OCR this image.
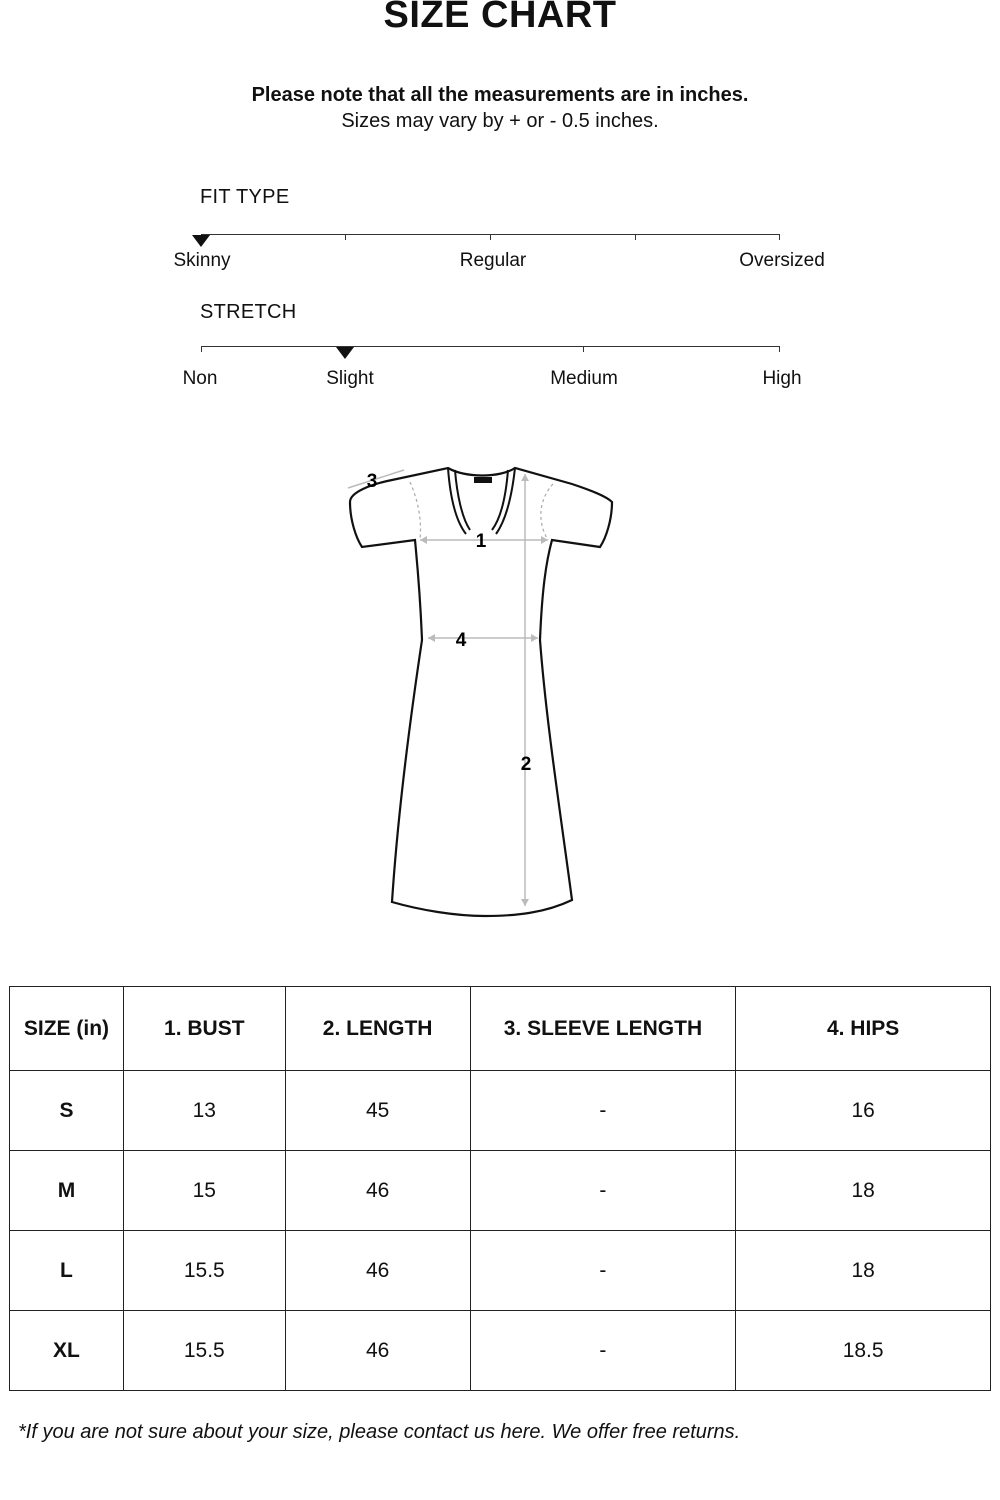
SIZE CHART
Please note that all the measurements are in inches.
Sizes may vary by + or - 0.5 inches.
FIT TYPE
Skinny	Regular	Oversized
STRETCH
Non	Slight	Medium	High
1
2
3
4
SIZE (in)	1. BUST	2. LENGTH	3. SLEEVE LENGTH	4. HIPS
S	13	45	-	16
M	15	46	-	18
L	15.5	46	-	18
XL	15.5	46	-	18.5
*If you are not sure about your size, please contact us here. We offer free returns.
